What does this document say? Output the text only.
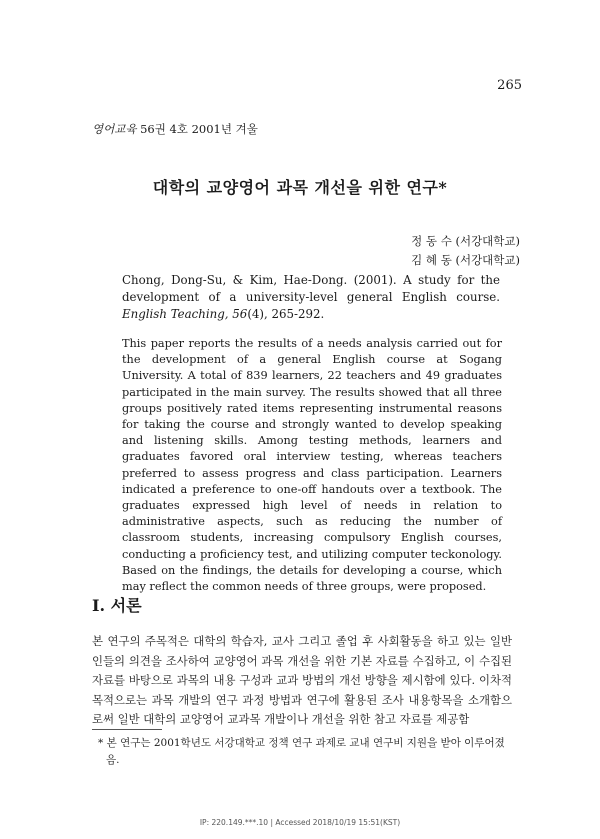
265
영어교육 56권 4호 2001년 겨울
대학의 교양영어 과목 개선을 위한 연구*
정 동 수 (서강대학교)
김 혜 동 (서강대학교)
Chong, Dong-Su, & Kim, Hae-Dong. (2001). A study for the development of a university-level general English course. English Teaching, 56(4), 265-292.
This paper reports the results of a needs analysis carried out for the development of a general English course at Sogang University. A total of 839 learners, 22 teachers and 49 graduates participated in the main survey. The results showed that all three groups positively rated items representing instrumental reasons for taking the course and strongly wanted to develop speaking and listening skills. Among testing methods, learners and graduates favored oral interview testing, whereas teachers preferred to assess progress and class participation. Learners indicated a preference to one-off handouts over a textbook. The graduates expressed high level of needs in relation to administrative aspects, such as reducing the number of classroom students, increasing compulsory English courses, conducting a proficiency test, and utilizing computer teckonology. Based on the findings, the details for developing a course, which may reflect the common needs of three groups, were proposed.
I. 서론
본 연구의 주목적은 대학의 학습자, 교사 그리고 졸업 후 사회활동을 하고 있는 일반인들의 의견을 조사하여 교양영어 과목 개선을 위한 기본 자료를 수집하고, 이 수집된 자료를 바탕으로 과목의 내용 구성과 교과 방법의 개선 방향을 제시함에 있다. 이차적 목적으로는 과목 개발의 연구 과정 방법과 연구에 활용된 조사 내용항목을 소개함으로써 일반 대학의 교양영어 교과목 개발이나 개선을 위한 참고 자료를 제공함
* 본 연구는 2001학년도 서강대학교 정책 연구 과제로 교내 연구비 지원을 받아 이루어졌음.
IP: 220.149.***.10 | Accessed 2018/10/19 15:51(KST)
